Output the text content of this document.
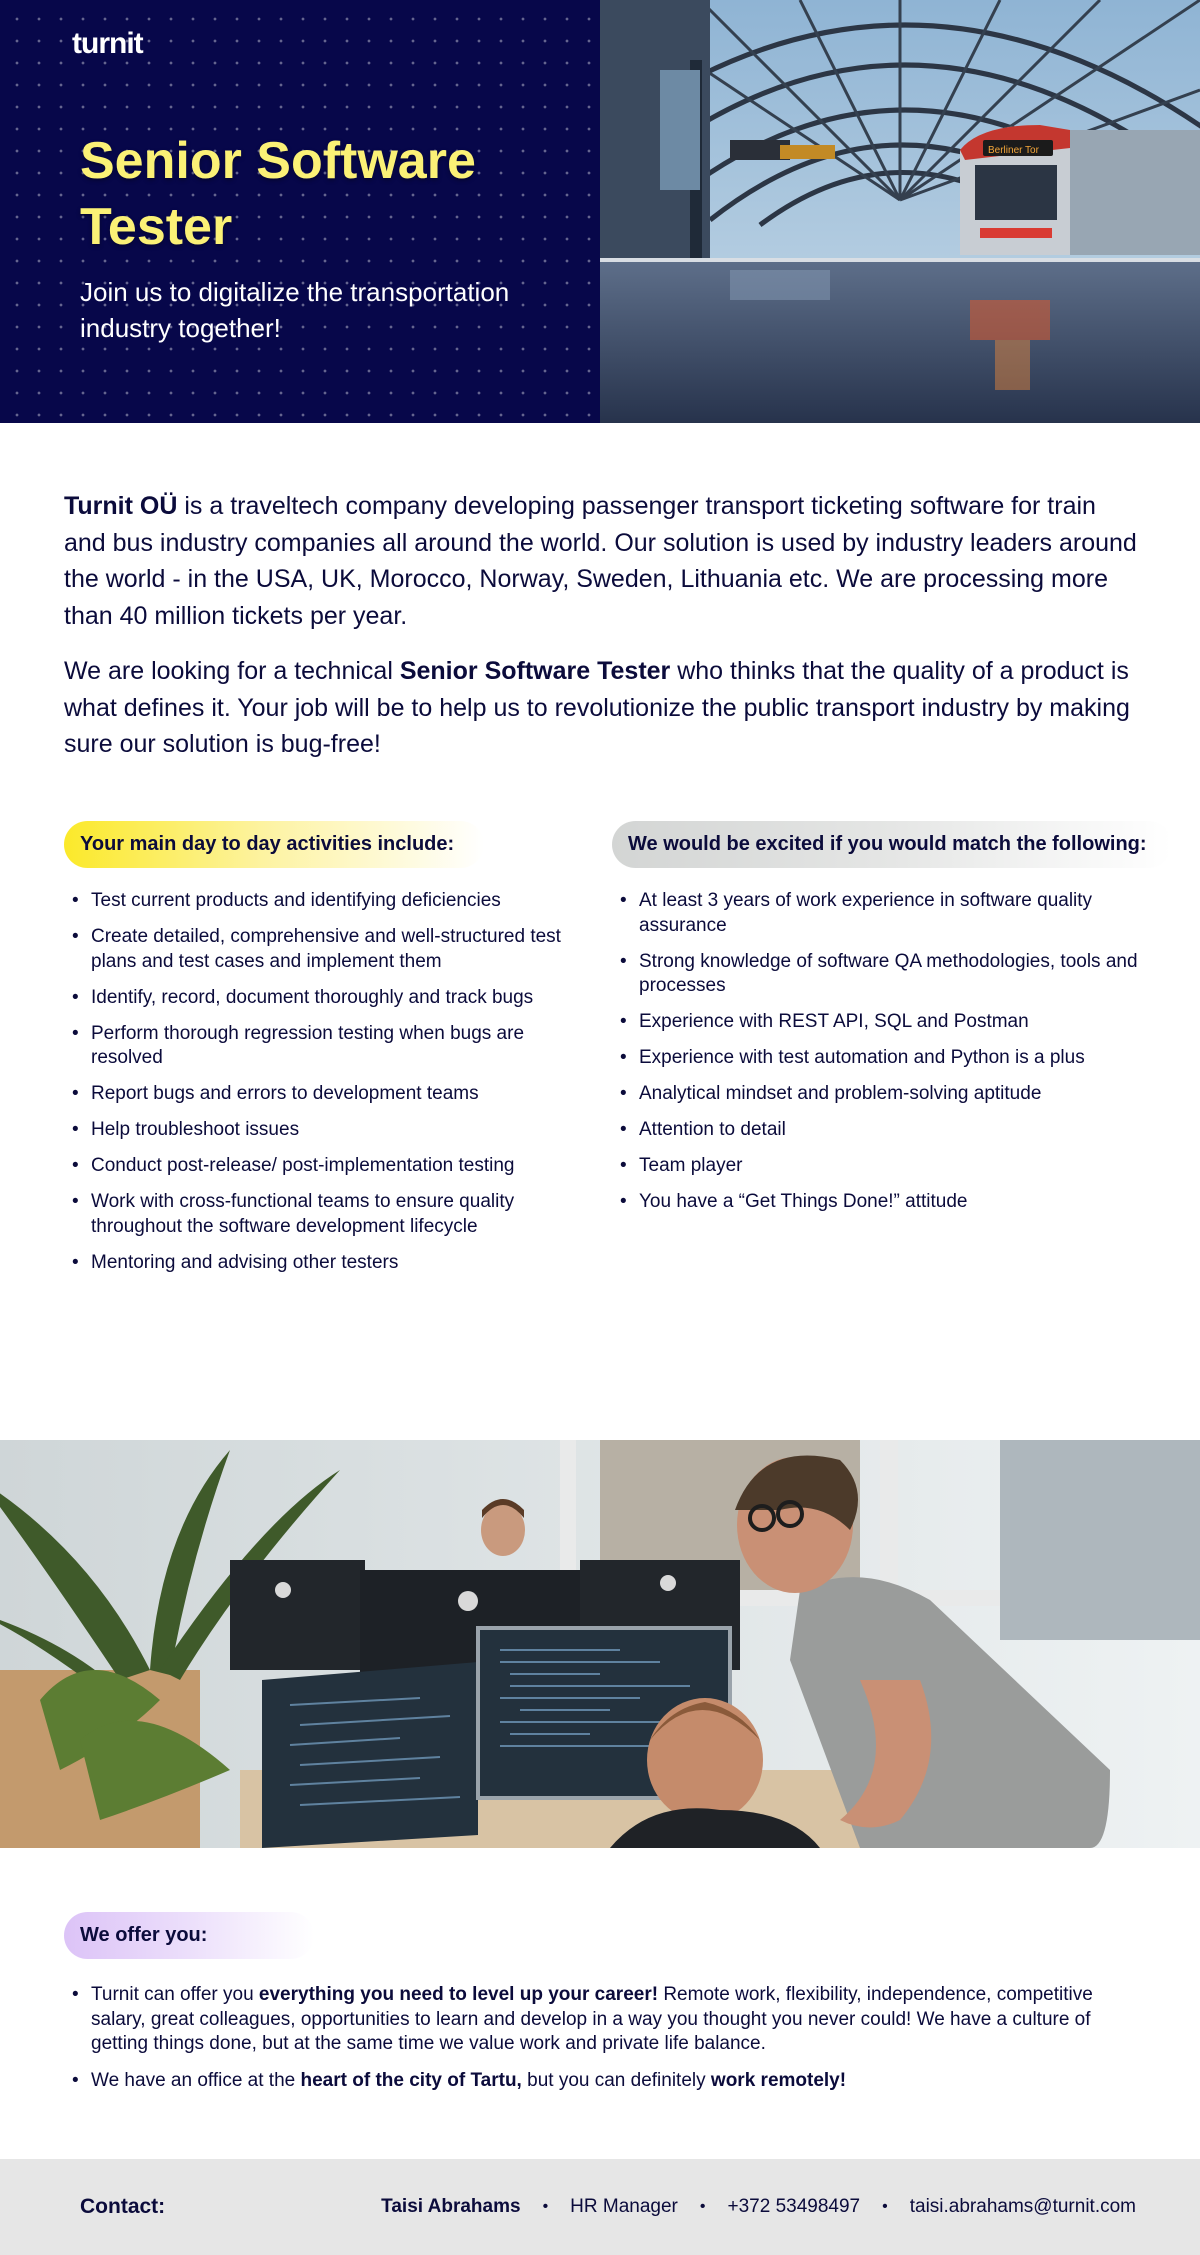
turnit
Senior Software Tester

Join us to digitalize the transportation industry together!

Berliner Tor

Turnit OÜ is a traveltech company developing passenger transport ticketing software for train and bus industry companies all around the world. Our solution is used by industry leaders around the world - in the USA, UK, Morocco, Norway, Sweden, Lithuania etc. We are processing more than 40 million tickets per year.

We are looking for a technical Senior Software Tester who thinks that the quality of a product is what defines it. Your job will be to help us to revolutionize the public transport industry by making sure our solution is bug-free!

Your main day to day activities include:
• Test current products and identifying deficiencies
• Create detailed, comprehensive and well-structured test plans and test cases and implement them
• Identify, record, document thoroughly and track bugs
• Perform thorough regression testing when bugs are resolved
• Report bugs and errors to development teams
• Help troubleshoot issues
• Conduct post-release/ post-implementation testing
• Work with cross-functional teams to ensure quality throughout the software development lifecycle
• Mentoring and advising other testers
We would be excited if you would match the following:
• At least 3 years of work experience in software quality assurance
• Strong knowledge of software QA methodologies, tools and processes
• Experience with REST API, SQL and Postman
• Experience with test automation and Python is a plus
• Analytical mindset and problem-solving aptitude
• Attention to detail
• Team player
• You have a “Get Things Done!” attitude
We offer you:
• Turnit can offer you everything you need to level up your career! Remote work, flexibility, independence, competitive salary, great colleagues, opportunities to learn and develop in a way you thought you never could! We have a culture of getting things done, but at the same time we value work and private life balance.
• We have an office at the heart of the city of Tartu, but you can definitely work remotely!
Contact:	Taisi Abrahams • HR Manager • +372 53498497 • taisi.abrahams@turnit.com
